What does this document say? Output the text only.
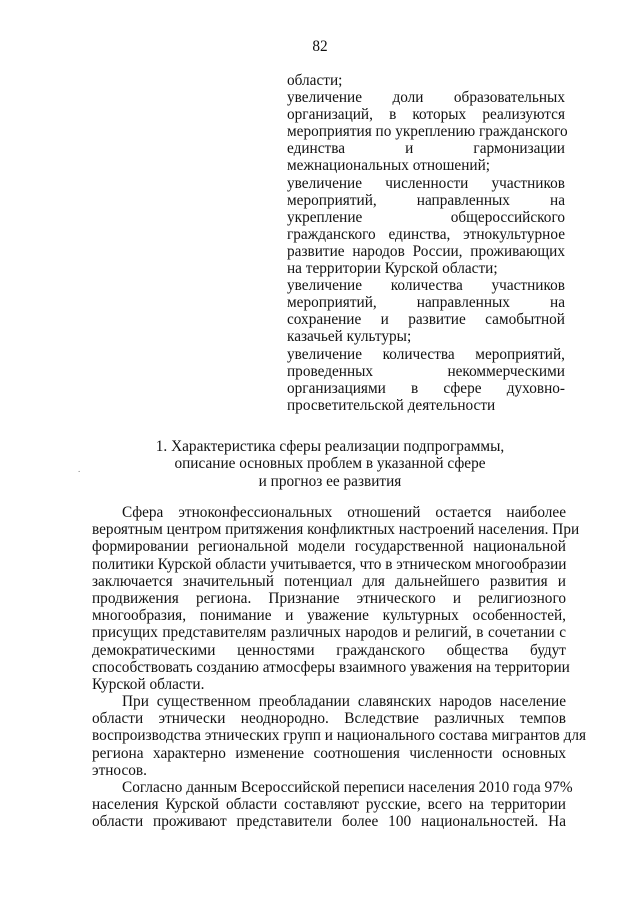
82
области;
увеличение доли образовательных
организаций, в которых реализуются
мероприятия по укреплению гражданского
единства и гармонизации
межнациональных отношений;
увеличение численности участников
мероприятий, направленных на
укрепление общероссийского
гражданского единства, этнокультурное
развитие народов России, проживающих
на территории Курской области;
увеличение количества участников
мероприятий, направленных на
сохранение и развитие самобытной
казачьей культуры;
увеличение количества мероприятий,
проведенных некоммерческими
организациями в сфере духовно-
просветительской деятельности
1. Характеристика сферы реализации подпрограммы,
описание основных проблем в указанной сфере
и прогноз ее развития
.
Сфера этноконфессиональных отношений остается наиболее
вероятным центром притяжения конфликтных настроений населения. При
формировании региональной модели государственной национальной
политики Курской области учитывается, что в этническом многообразии
заключается значительный потенциал для дальнейшего развития и
продвижения региона. Признание этнического и религиозного
многообразия, понимание и уважение культурных особенностей,
присущих представителям различных народов и религий, в сочетании с
демократическими ценностями гражданского общества будут
способствовать созданию атмосферы взаимного уважения на территории
Курской области.
При существенном преобладании славянских народов население
области этнически неоднородно. Вследствие различных темпов
воспроизводства этнических групп и национального состава мигрантов для
региона характерно изменение соотношения численности основных
этносов.
Согласно данным Всероссийской переписи населения 2010 года 97%
населения Курской области составляют русские, всего на территории
области проживают представители более 100 национальностей. На
